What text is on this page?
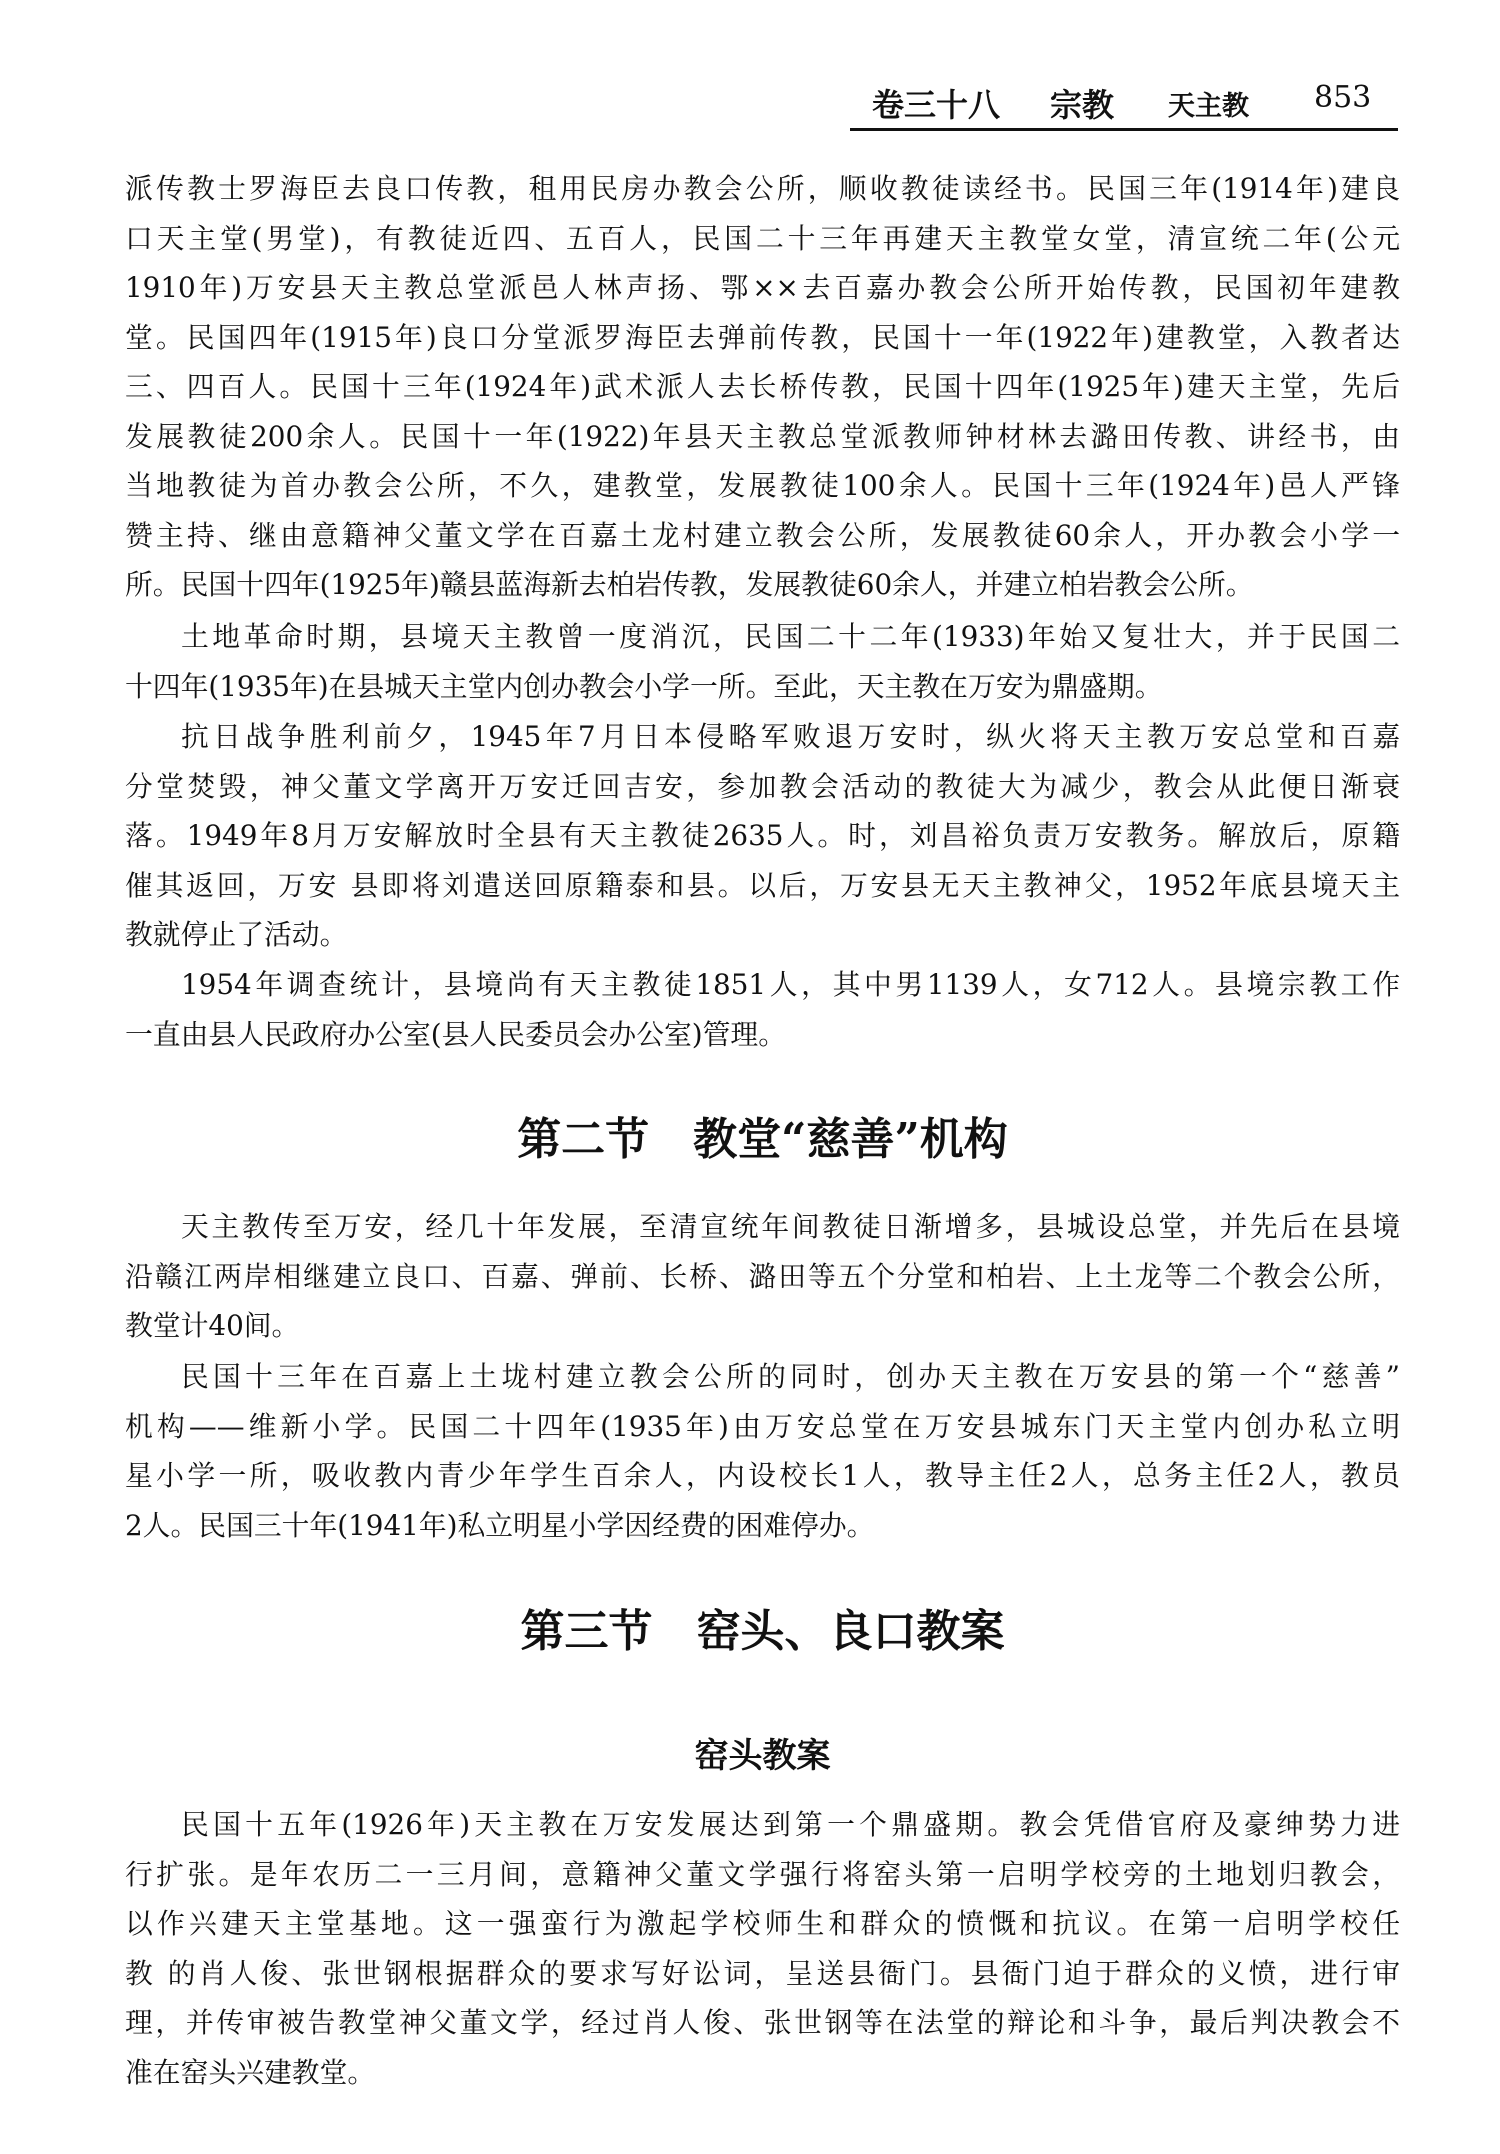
卷三十八 宗教 天主教 853

派传教士罗海臣去良口传教，租用民房办教会公所，顺收教徒读经书。民国三年(1914年)建良
口天主堂(男堂)，有教徒近四、五百人，民国二十三年再建天主教堂女堂，清宣统二年(公元
1910年)万安县天主教总堂派邑人林声扬、鄂××去百嘉办教会公所开始传教，民国初年建教
堂。民国四年(1915年)良口分堂派罗海臣去弹前传教，民国十一年(1922年)建教堂，入教者达
三、四百人。民国十三年(1924年)武术派人去长桥传教，民国十四年(1925年)建天主堂，先后
发展教徒200余人。民国十一年(1922)年县天主教总堂派教师钟材林去潞田传教、讲经书，由
当地教徒为首办教会公所，不久，建教堂，发展教徒100余人。民国十三年(1924年)邑人严锋
赞主持、继由意籍神父董文学在百嘉土龙村建立教会公所，发展教徒60余人，开办教会小学一
所。民国十四年(1925年)赣县蓝海新去柏岩传教，发展教徒60余人，并建立柏岩教会公所。

土地革命时期，县境天主教曾一度消沉，民国二十二年(1933)年始又复壮大，并于民国二
十四年(1935年)在县城天主堂内创办教会小学一所。至此，天主教在万安为鼎盛期。

抗日战争胜利前夕，1945年7月日本侵略军败退万安时，纵火将天主教万安总堂和百嘉
分堂焚毁，神父董文学离开万安迁回吉安，参加教会活动的教徒大为减少，教会从此便日渐衰
落。1949年8月万安解放时全县有天主教徒2635人。时，刘昌裕负责万安教务。解放后，原籍
催其返回，万安 县即将刘遣送回原籍泰和县。以后，万安县无天主教神父，1952年底县境天主
教就停止了活动。

1954年调查统计，县境尚有天主教徒1851人，其中男1139人，女712人。县境宗教工作
一直由县人民政府办公室(县人民委员会办公室)管理。

第二节　教堂“慈善”机构

天主教传至万安，经几十年发展，至清宣统年间教徒日渐增多，县城设总堂，并先后在县境
沿赣江两岸相继建立良口、百嘉、弹前、长桥、潞田等五个分堂和柏岩、上土龙等二个教会公所，
教堂计40间。

民国十三年在百嘉上土垅村建立教会公所的同时，创办天主教在万安县的第一个“慈善”
机构——维新小学。民国二十四年(1935年)由万安总堂在万安县城东门天主堂内创办私立明
星小学一所，吸收教内青少年学生百余人，内设校长1人，教导主任2人，总务主任2人，教员
2人。民国三十年(1941年)私立明星小学因经费的困难停办。

第三节　窑头、良口教案
窑头教案

民国十五年(1926年)天主教在万安发展达到第一个鼎盛期。教会凭借官府及豪绅势力进
行扩张。是年农历二一三月间，意籍神父董文学强行将窑头第一启明学校旁的土地划归教会，
以作兴建天主堂基地。这一强蛮行为激起学校师生和群众的愤慨和抗议。在第一启明学校任
教 的肖人俊、张世钢根据群众的要求写好讼词，呈送县衙门。县衙门迫于群众的义愤，进行审
理，并传审被告教堂神父董文学，经过肖人俊、张世钢等在法堂的辩论和斗争，最后判决教会不
准在窑头兴建教堂。
